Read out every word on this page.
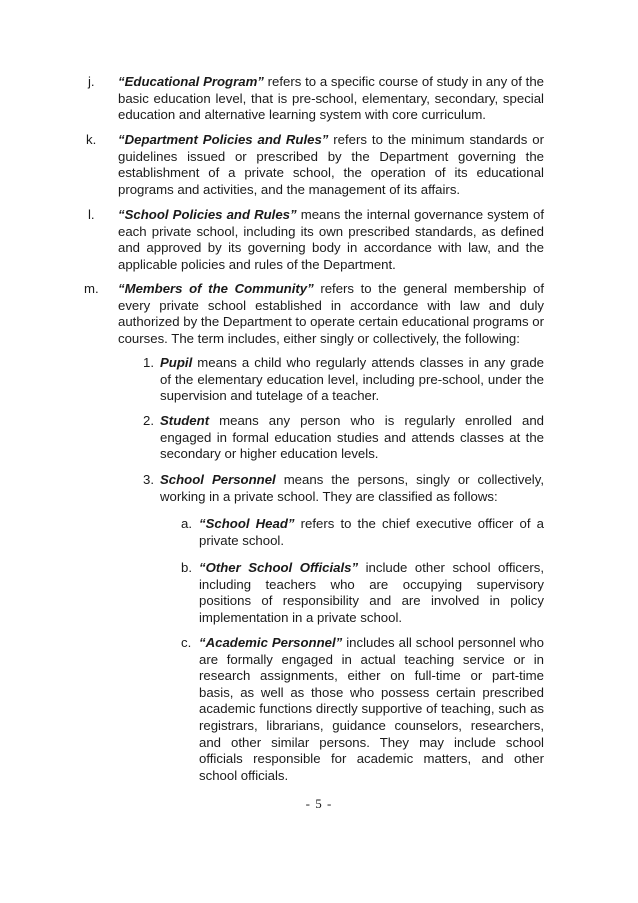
j. “Educational Program” refers to a specific course of study in any of the basic education level, that is pre-school, elementary, secondary, special education and alternative learning system with core curriculum.
k. “Department Policies and Rules” refers to the minimum standards or guidelines issued or prescribed by the Department governing the establishment of a private school, the operation of its educational programs and activities, and the management of its affairs.
l. “School Policies and Rules” means the internal governance system of each private school, including its own prescribed standards, as defined and approved by its governing body in accordance with law, and the applicable policies and rules of the Department.
m. “Members of the Community” refers to the general membership of every private school established in accordance with law and duly authorized by the Department to operate certain educational programs or courses. The term includes, either singly or collectively, the following:
1. Pupil means a child who regularly attends classes in any grade of the elementary education level, including pre-school, under the supervision and tutelage of a teacher.
2. Student means any person who is regularly enrolled and engaged in formal education studies and attends classes at the secondary or higher education levels.
3. School Personnel means the persons, singly or collectively, working in a private school. They are classified as follows:
a. “School Head” refers to the chief executive officer of a private school.
b. “Other School Officials” include other school officers, including teachers who are occupying supervisory positions of responsibility and are involved in policy implementation in a private school.
c. “Academic Personnel” includes all school personnel who are formally engaged in actual teaching service or in research assignments, either on full-time or part-time basis, as well as those who possess certain prescribed academic functions directly supportive of teaching, such as registrars, librarians, guidance counselors, researchers, and other similar persons. They may include school officials responsible for academic matters, and other school officials.
- 5 -
